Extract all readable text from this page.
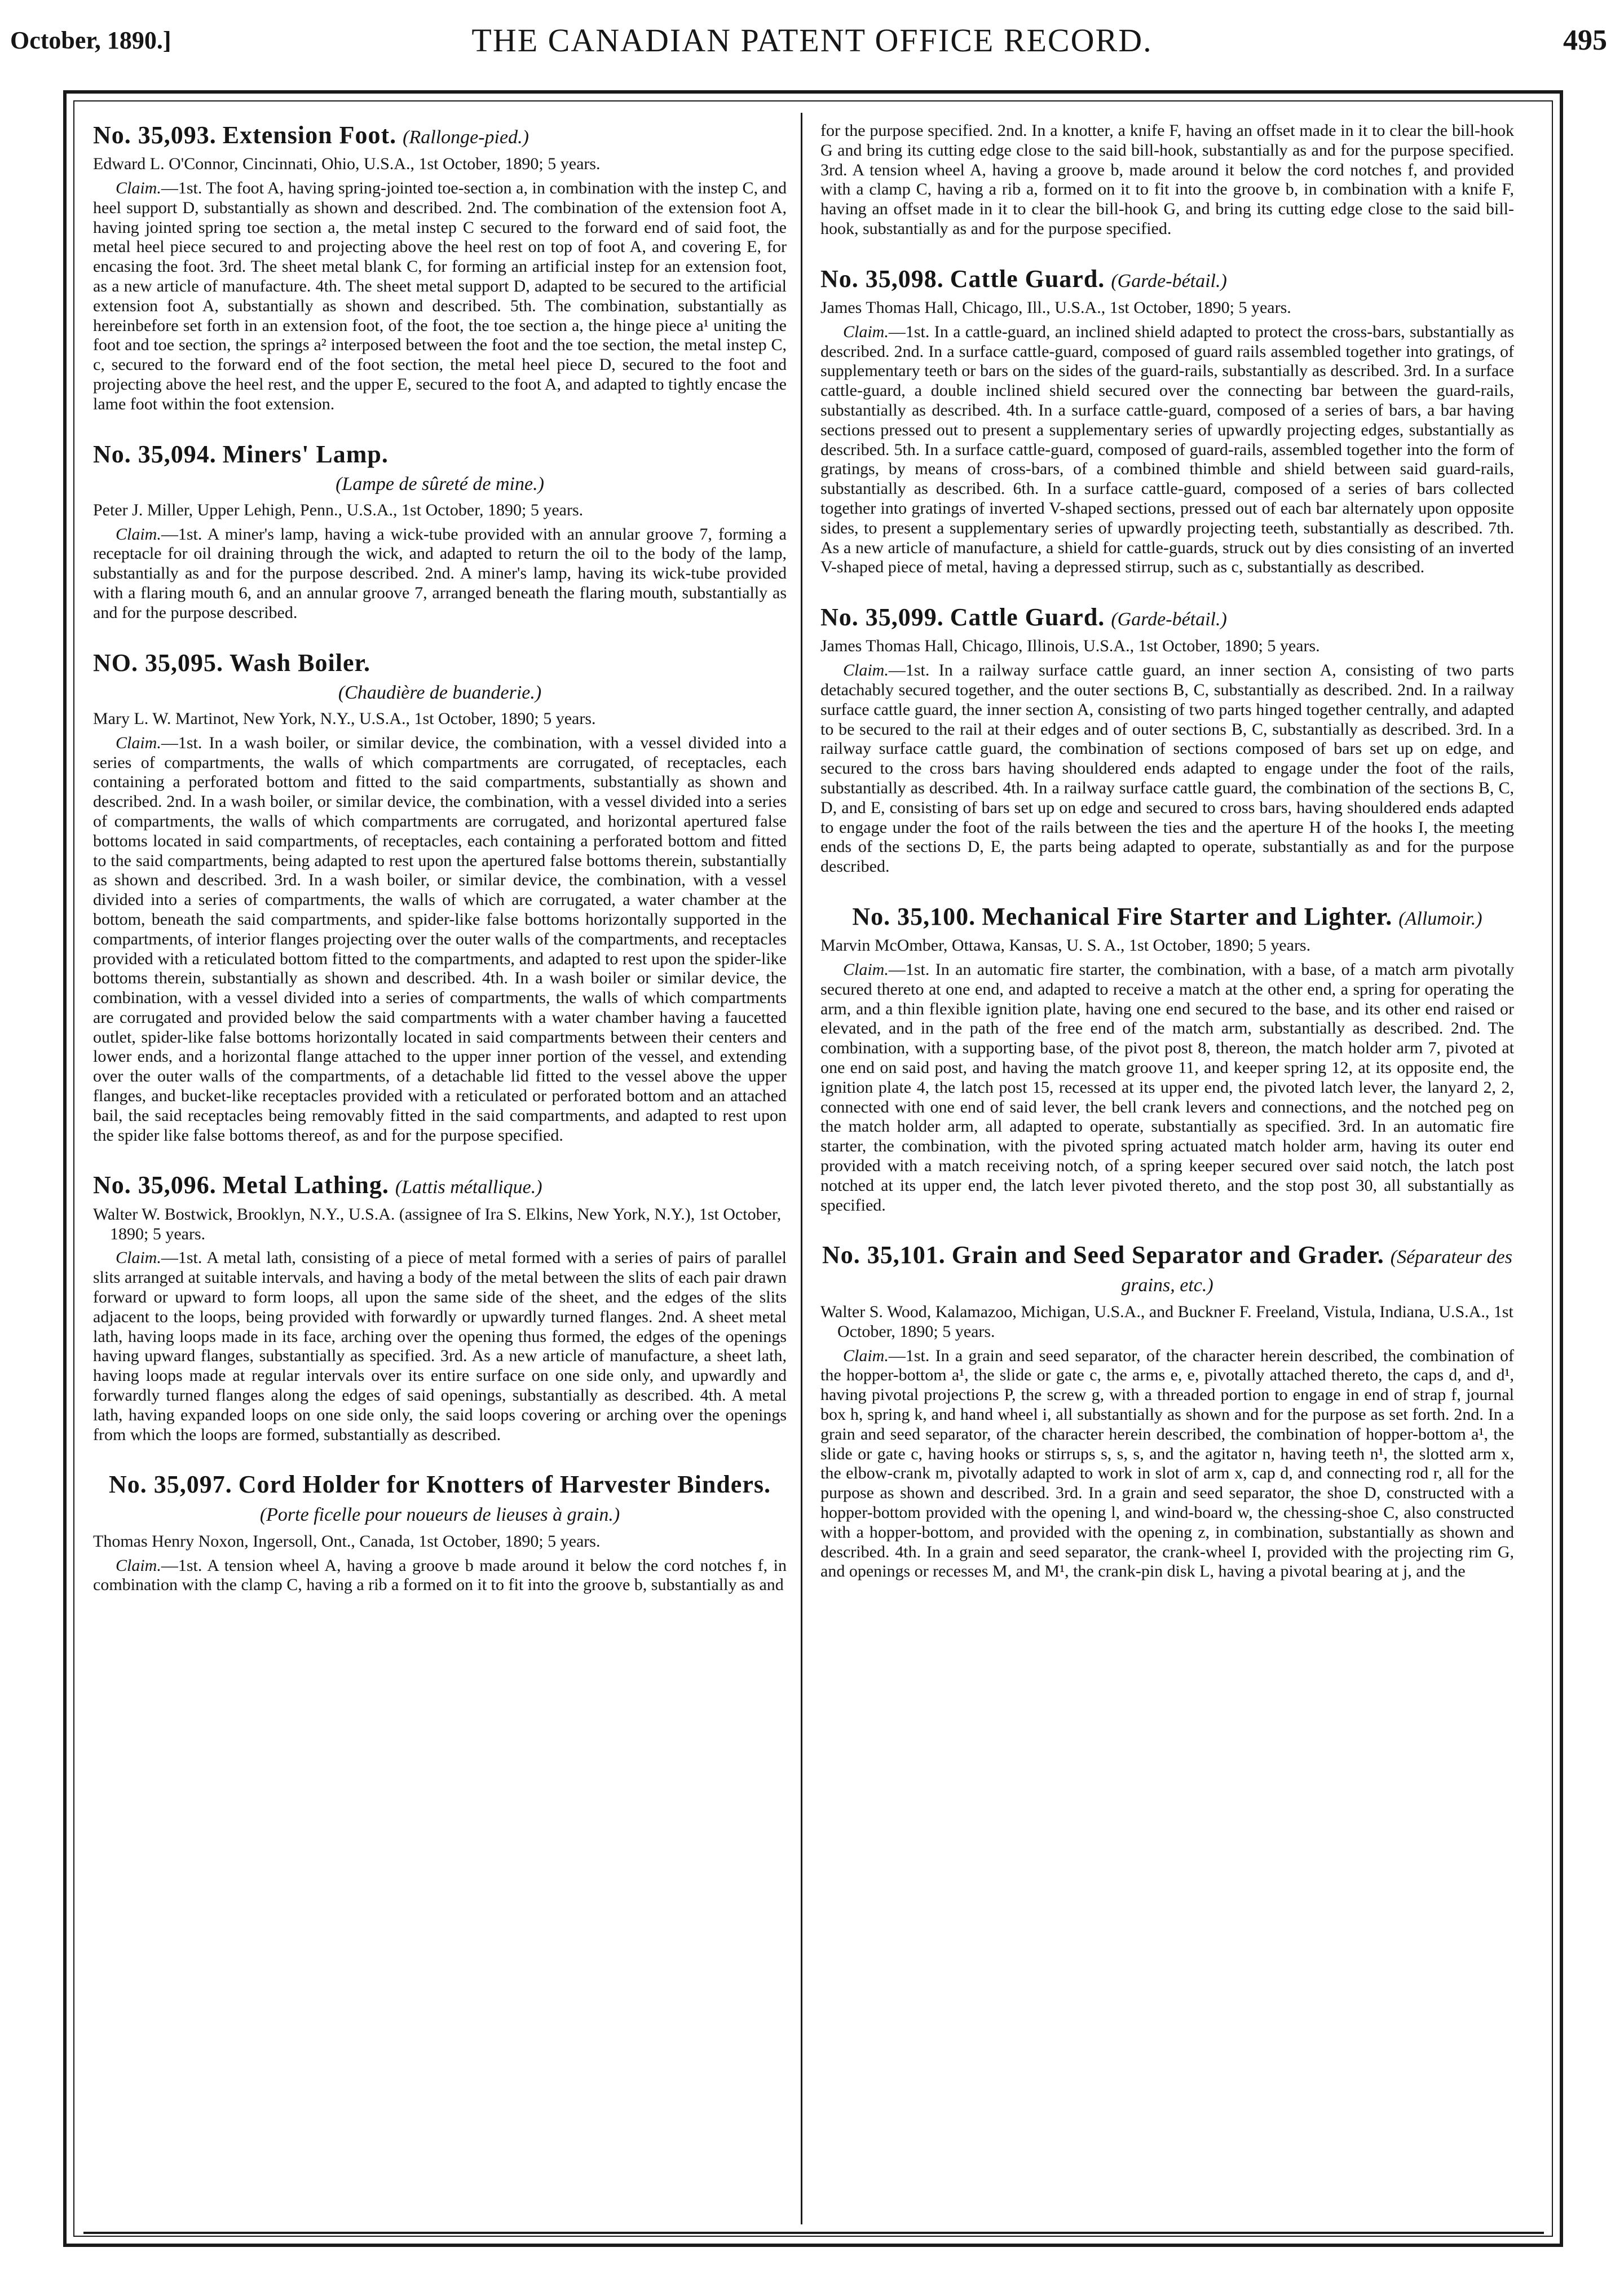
October, 1890.]	THE CANADIAN PATENT OFFICE RECORD.	495
No. 35,093. Extension Foot. (Rallonge-pied.)

Edward L. O'Connor, Cincinnati, Ohio, U.S.A., 1st October, 1890; 5 years.

Claim.—1st. The foot A, having spring-jointed toe-section a, in combination with the instep C, and heel support D, substantially as shown and described. 2nd. The combination of the extension foot A, having jointed spring toe section a, the metal instep C secured to the forward end of said foot, the metal heel piece secured to and projecting above the heel rest on top of foot A, and covering E, for encasing the foot. 3rd. The sheet metal blank C, for forming an artificial instep for an extension foot, as a new article of manufacture. 4th. The sheet metal support D, adapted to be secured to the artificial extension foot A, substantially as shown and described. 5th. The combination, substantially as hereinbefore set forth in an extension foot, of the foot, the toe section a, the hinge piece a¹ uniting the foot and toe section, the springs a² interposed between the foot and the toe section, the metal instep C, c, secured to the forward end of the foot section, the metal heel piece D, secured to the foot and projecting above the heel rest, and the upper E, secured to the foot A, and adapted to tightly encase the lame foot within the foot extension.

No. 35,094. Miners' Lamp.
(Lampe de sûreté de mine.)

Peter J. Miller, Upper Lehigh, Penn., U.S.A., 1st October, 1890; 5 years.

Claim.—1st. A miner's lamp, having a wick-tube provided with an annular groove 7, forming a receptacle for oil draining through the wick, and adapted to return the oil to the body of the lamp, substantially as and for the purpose described. 2nd. A miner's lamp, having its wick-tube provided with a flaring mouth 6, and an annular groove 7, arranged beneath the flaring mouth, substantially as and for the purpose described.

NO. 35,095. Wash Boiler.
(Chaudière de buanderie.)

Mary L. W. Martinot, New York, N.Y., U.S.A., 1st October, 1890; 5 years.

Claim.—1st. In a wash boiler, or similar device, the combination, with a vessel divided into a series of compartments, the walls of which compartments are corrugated, of receptacles, each containing a perforated bottom and fitted to the said compartments, substantially as shown and described. 2nd. In a wash boiler, or similar device, the combination, with a vessel divided into a series of compartments, the walls of which compartments are corrugated, and horizontal apertured false bottoms located in said compartments, of receptacles, each containing a perforated bottom and fitted to the said compartments, being adapted to rest upon the apertured false bottoms therein, substantially as shown and described. 3rd. In a wash boiler, or similar device, the combination, with a vessel divided into a series of compartments, the walls of which are corrugated, a water chamber at the bottom, beneath the said compartments, and spider-like false bottoms horizontally supported in the compartments, of interior flanges projecting over the outer walls of the compartments, and receptacles provided with a reticulated bottom fitted to the compartments, and adapted to rest upon the spider-like bottoms therein, substantially as shown and described. 4th. In a wash boiler or similar device, the combination, with a vessel divided into a series of compartments, the walls of which compartments are corrugated and provided below the said compartments with a water chamber having a faucetted outlet, spider-like false bottoms horizontally located in said compartments between their centers and lower ends, and a horizontal flange attached to the upper inner portion of the vessel, and extending over the outer walls of the compartments, of a detachable lid fitted to the vessel above the upper flanges, and bucket-like receptacles provided with a reticulated or perforated bottom and an attached bail, the said receptacles being removably fitted in the said compartments, and adapted to rest upon the spider like false bottoms thereof, as and for the purpose specified.

No. 35,096. Metal Lathing. (Lattis métallique.)

Walter W. Bostwick, Brooklyn, N.Y., U.S.A. (assignee of Ira S. Elkins, New York, N.Y.), 1st October, 1890; 5 years.

Claim.—1st. A metal lath, consisting of a piece of metal formed with a series of pairs of parallel slits arranged at suitable intervals, and having a body of the metal between the slits of each pair drawn forward or upward to form loops, all upon the same side of the sheet, and the edges of the slits adjacent to the loops, being provided with forwardly or upwardly turned flanges. 2nd. A sheet metal lath, having loops made in its face, arching over the opening thus formed, the edges of the openings having upward flanges, substantially as specified. 3rd. As a new article of manufacture, a sheet lath, having loops made at regular intervals over its entire surface on one side only, and upwardly and forwardly turned flanges along the edges of said openings, substantially as described. 4th. A metal lath, having expanded loops on one side only, the said loops covering or arching over the openings from which the loops are formed, substantially as described.

No. 35,097. Cord Holder for Knotters of Harvester Binders. (Porte ficelle pour noueurs de lieuses à grain.)

Thomas Henry Noxon, Ingersoll, Ont., Canada, 1st October, 1890; 5 years.

Claim.—1st. A tension wheel A, having a groove b made around it below the cord notches f, in combination with the clamp C, having a rib a formed on it to fit into the groove b, substantially as and

for the purpose specified. 2nd. In a knotter, a knife F, having an offset made in it to clear the bill-hook G and bring its cutting edge close to the said bill-hook, substantially as and for the purpose specified. 3rd. A tension wheel A, having a groove b, made around it below the cord notches f, and provided with a clamp C, having a rib a, formed on it to fit into the groove b, in combination with a knife F, having an offset made in it to clear the bill-hook G, and bring its cutting edge close to the said bill-hook, substantially as and for the purpose specified.

No. 35,098. Cattle Guard. (Garde-bétail.)

James Thomas Hall, Chicago, Ill., U.S.A., 1st October, 1890; 5 years.

Claim.—1st. In a cattle-guard, an inclined shield adapted to protect the cross-bars, substantially as described. 2nd. In a surface cattle-guard, composed of guard rails assembled together into gratings, of supplementary teeth or bars on the sides of the guard-rails, substantially as described. 3rd. In a surface cattle-guard, a double inclined shield secured over the connecting bar between the guard-rails, substantially as described. 4th. In a surface cattle-guard, composed of a series of bars, a bar having sections pressed out to present a supplementary series of upwardly projecting edges, substantially as described. 5th. In a surface cattle-guard, composed of guard-rails, assembled together into the form of gratings, by means of cross-bars, of a combined thimble and shield between said guard-rails, substantially as described. 6th. In a surface cattle-guard, composed of a series of bars collected together into gratings of inverted V-shaped sections, pressed out of each bar alternately upon opposite sides, to present a supplementary series of upwardly projecting teeth, substantially as described. 7th. As a new article of manufacture, a shield for cattle-guards, struck out by dies consisting of an inverted V-shaped piece of metal, having a depressed stirrup, such as c, substantially as described.

No. 35,099. Cattle Guard. (Garde-bétail.)

James Thomas Hall, Chicago, Illinois, U.S.A., 1st October, 1890; 5 years.

Claim.—1st. In a railway surface cattle guard, an inner section A, consisting of two parts detachably secured together, and the outer sections B, C, substantially as described. 2nd. In a railway surface cattle guard, the inner section A, consisting of two parts hinged together centrally, and adapted to be secured to the rail at their edges and of outer sections B, C, substantially as described. 3rd. In a railway surface cattle guard, the combination of sections composed of bars set up on edge, and secured to the cross bars having shouldered ends adapted to engage under the foot of the rails, substantially as described. 4th. In a railway surface cattle guard, the combination of the sections B, C, D, and E, consisting of bars set up on edge and secured to cross bars, having shouldered ends adapted to engage under the foot of the rails between the ties and the aperture H of the hooks I, the meeting ends of the sections D, E, the parts being adapted to operate, substantially as and for the purpose described.

No. 35,100. Mechanical Fire Starter and Lighter. (Allumoir.)

Marvin McOmber, Ottawa, Kansas, U. S. A., 1st October, 1890; 5 years.

Claim.—1st. In an automatic fire starter, the combination, with a base, of a match arm pivotally secured thereto at one end, and adapted to receive a match at the other end, a spring for operating the arm, and a thin flexible ignition plate, having one end secured to the base, and its other end raised or elevated, and in the path of the free end of the match arm, substantially as described. 2nd. The combination, with a supporting base, of the pivot post 8, thereon, the match holder arm 7, pivoted at one end on said post, and having the match groove 11, and keeper spring 12, at its opposite end, the ignition plate 4, the latch post 15, recessed at its upper end, the pivoted latch lever, the lanyard 2, 2, connected with one end of said lever, the bell crank levers and connections, and the notched peg on the match holder arm, all adapted to operate, substantially as specified. 3rd. In an automatic fire starter, the combination, with the pivoted spring actuated match holder arm, having its outer end provided with a match receiving notch, of a spring keeper secured over said notch, the latch post notched at its upper end, the latch lever pivoted thereto, and the stop post 30, all substantially as specified.

No. 35,101. Grain and Seed Separator and Grader. (Séparateur des grains, etc.)

Walter S. Wood, Kalamazoo, Michigan, U.S.A., and Buckner F. Freeland, Vistula, Indiana, U.S.A., 1st October, 1890; 5 years.

Claim.—1st. In a grain and seed separator, of the character herein described, the combination of the hopper-bottom a¹, the slide or gate c, the arms e, e, pivotally attached thereto, the caps d, and d¹, having pivotal projections P, the screw g, with a threaded portion to engage in end of strap f, journal box h, spring k, and hand wheel i, all substantially as shown and for the purpose as set forth. 2nd. In a grain and seed separator, of the character herein described, the combination of hopper-bottom a¹, the slide or gate c, having hooks or stirrups s, s, s, and the agitator n, having teeth n¹, the slotted arm x, the elbow-crank m, pivotally adapted to work in slot of arm x, cap d, and connecting rod r, all for the purpose as shown and described. 3rd. In a grain and seed separator, the shoe D, constructed with a hopper-bottom provided with the opening l, and wind-board w, the chessing-shoe C, also constructed with a hopper-bottom, and provided with the opening z, in combination, substantially as shown and described. 4th. In a grain and seed separator, the crank-wheel I, provided with the projecting rim G, and openings or recesses M, and M¹, the crank-pin disk L, having a pivotal bearing at j, and the
